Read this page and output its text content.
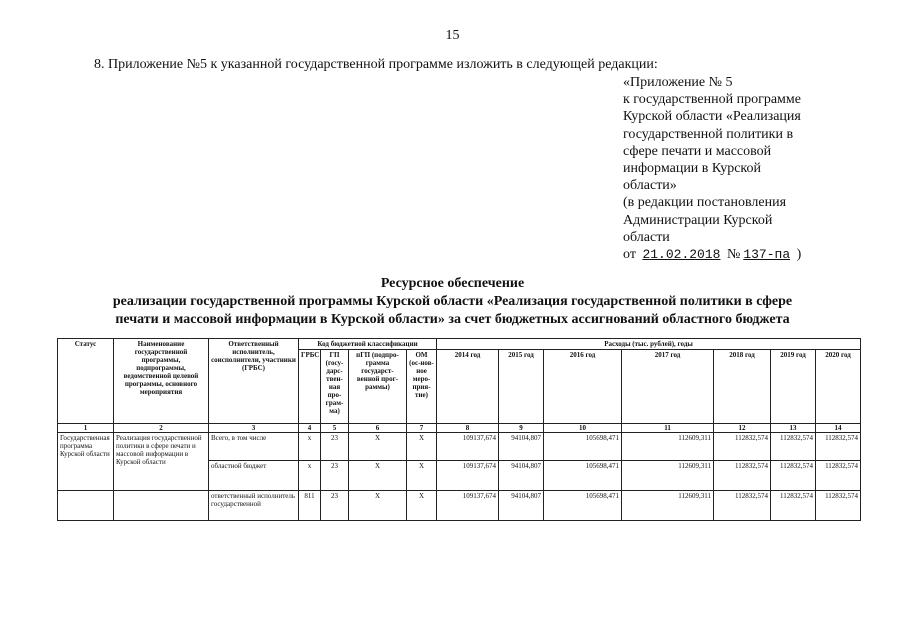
15
8. Приложение №5 к указанной государственной программе изложить в следующей редакции:
«Приложение № 5
к государственной программе
Курской области «Реализация
государственной политики в
сфере печати и массовой
информации в Курской
области»
(в редакции постановления
Администрации Курской
области
от 21.02.2018 № 137-па )
Ресурсное обеспечение
реализации государственной программы Курской области «Реализация государственной политики в сфере
печати и массовой информации в Курской области» за счет бюджетных ассигнований областного бюджета
Статус	Наименование государственной программы, подпрограммы, ведомственной целевой программы, основного мероприятия	Ответственный исполнитель, соисполнители, участники (ГРБС)	Код бюджетной классификации				Расходы (тыс. рублей), годы						
			ГРБС	ГП (госу-дарс-твен-ная про-грам-ма)	пГП (подпро-грамма государст-венной прог-раммы)	ОМ (ос-нов-ное меро-прия-тие)	2014 год	2015 год	2016 год	2017 год	2018 год	2019 год	2020 год
1	2	3	4	5	6	7	8	9	10	11	12	13	14
Государственная программа Курской области	Реализация государственной политики в сфере печати и массовой информации в Курской области	Всего, в том числе	х	23	Х	Х	109137,674	94104,807	105698,471	112609,311	112832,574	112832,574	112832,574
		областной бюджет	х	23	Х	Х	109137,674	94104,807	105698,471	112609,311	112832,574	112832,574	112832,574
		ответственный исполнитель государственной	811	23	Х	Х	109137,674	94104,807	105698,471	112609,311	112832,574	112832,574	112832,574
